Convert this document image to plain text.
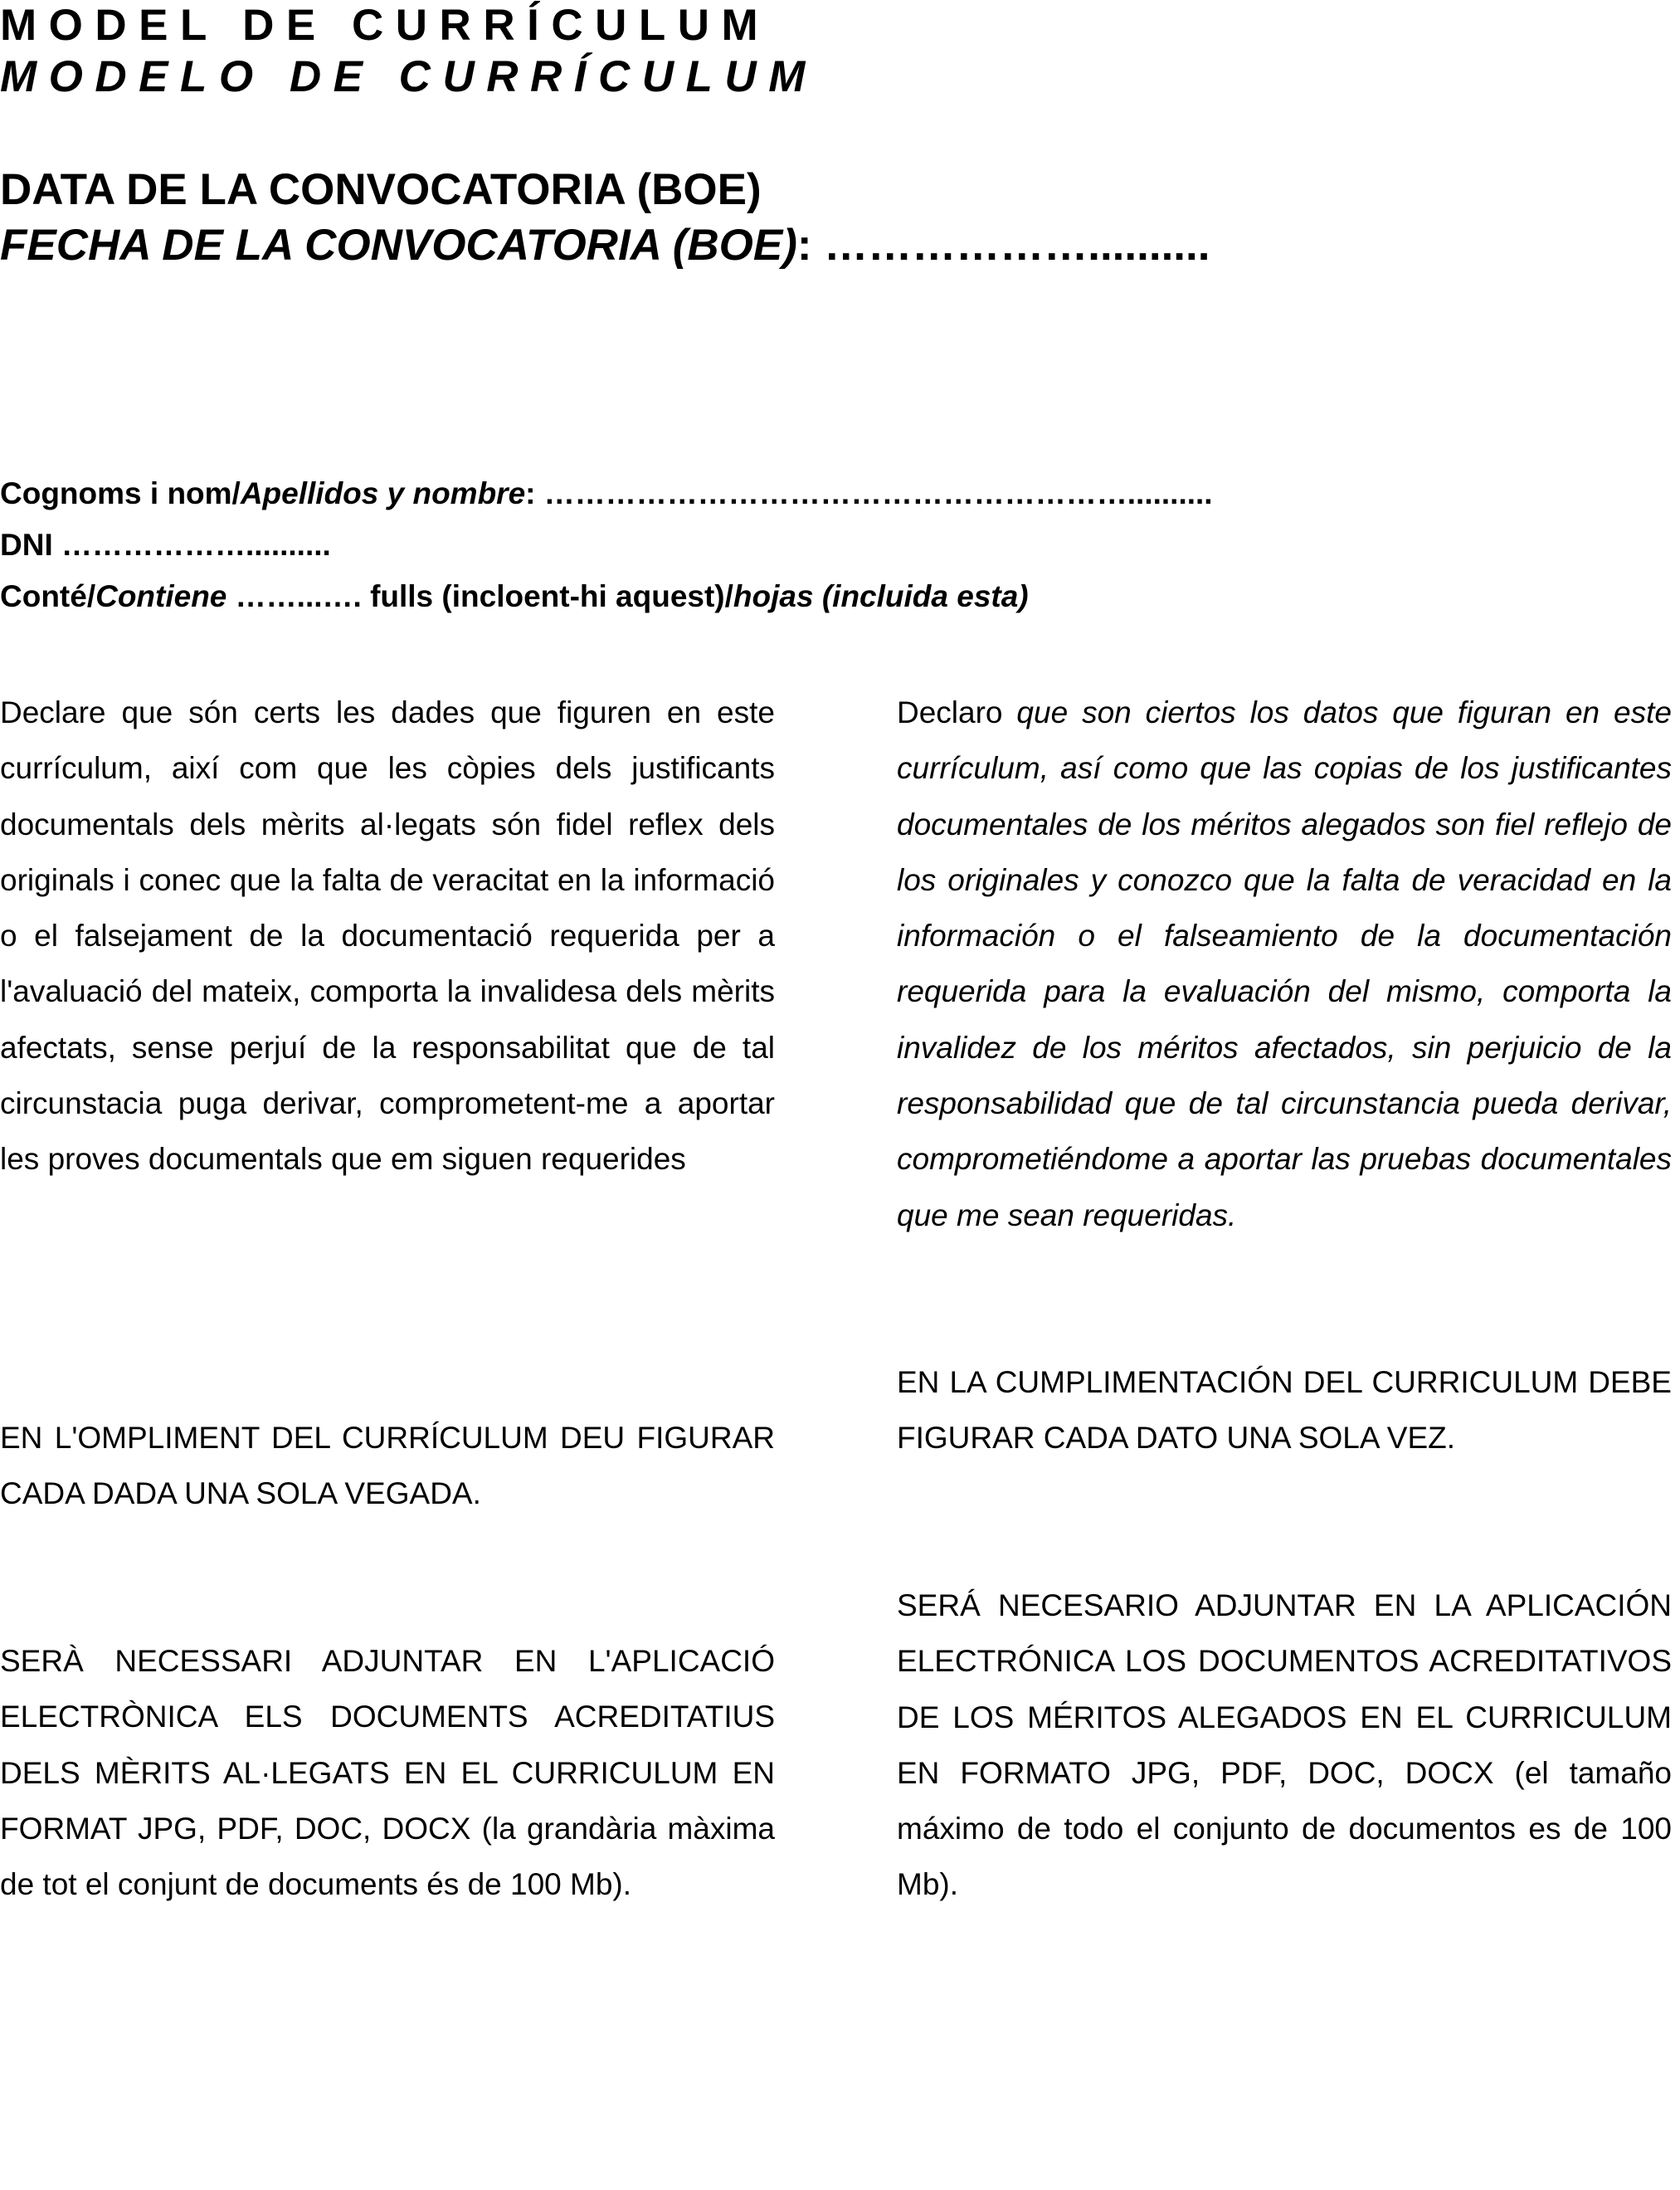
MODEL DE CURRÍCULUM
MODELO DE CURRÍCULUM
DATA DE LA CONVOCATORIA (BOE)
FECHA DE LA CONVOCATORIA (BOE): ………………..........
Cognoms i nom/Apellidos y nombre: …………………………………………………..........
DNI ………………..........
Conté/Contiene ……...…. fulls (incloent-hi aquest)/hojas (incluida esta)
Declare que són certs les dades que figuren en este currículum, així com que les còpies dels justificants documentals dels mèrits al·legats són fidel reflex dels originals i conec que la falta de veracitat en la informació o el falsejament de la documentació requerida per a l'avaluació del mateix, comporta la invalidesa dels mèrits afectats, sense perjuí de la responsabilitat que de tal circunstacia puga derivar, comprometent-me a aportar les proves documentals que em siguen requerides
Declaro que son ciertos los datos que figuran en este currículum, así como que las copias de los justificantes documentales de los méritos alegados son fiel reflejo de los originales y conozco que la falta de veracidad en la información o el falseamiento de la documentación requerida para la evaluación del mismo, comporta la invalidez de los méritos afectados, sin perjuicio de la responsabilidad que de tal circunstancia pueda derivar, comprometiéndome a aportar las pruebas documentales que me sean requeridas.
EN L'OMPLIMENT DEL CURRÍCULUM DEU FIGURAR CADA DADA UNA SOLA VEGADA.
EN LA CUMPLIMENTACIÓN DEL CURRICULUM DEBE FIGURAR CADA DATO UNA SOLA VEZ.
SERÀ NECESSARI ADJUNTAR EN L'APLICACIÓ ELECTRÒNICA ELS DOCUMENTS ACREDITATIUS DELS MÈRITS AL·LEGATS EN EL CURRICULUM EN FORMAT JPG, PDF, DOC, DOCX (la grandària màxima de tot el conjunt de documents és de 100 Mb).
SERÁ NECESARIO ADJUNTAR EN LA APLICACIÓN ELECTRÓNICA LOS DOCUMENTOS ACREDITATIVOS DE LOS MÉRITOS ALEGADOS EN EL CURRICULUM EN FORMATO JPG, PDF, DOC, DOCX (el tamaño máximo de todo el conjunto de documentos es de 100 Mb).
